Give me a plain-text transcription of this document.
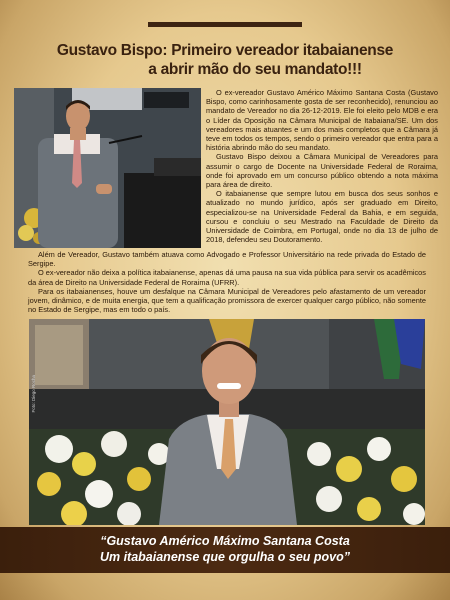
Gustavo Bispo: Primeiro vereador itabaianense
a abrir mão do seu mandato!!!

O ex-vereador Gustavo Américo Máximo Santana Costa (Gustavo Bispo, como carinhosamente gosta de ser reconhecido), renunciou ao mandato de Vereador no dia 26-12-2019. Ele foi eleito pelo MDB e era o Líder da Oposição na Câmara Municipal de Itabaiana/SE. Um dos vereadores mais atuantes e um dos mais completos que a Câmara já teve em todos os tempos, sendo o primeiro vereador que entra para a história abrindo mão do seu mandato.

Gustavo Bispo deixou a Câmara Municipal de Vereadores para assumir o cargo de Docente na Universidade Federal de Roraima, onde foi aprovado em um concurso público obtendo a nota máxima para área de direito.

O itabaianense que sempre lutou em busca dos seus sonhos e atualizado no mundo jurídico, após ser graduado em Direito, especializou-se na Universidade Federal da Bahia, e em seguida, cursou e concluiu o seu Mestrado na Faculdade de Direito da Universidade de Coimbra, em Portugal, onde no dia 13 de julho de 2018, defendeu seu Doutoramento.

Além de Vereador, Gustavo também atuava como Advogado e Professor Universitário na rede privada do Estado de Sergipe.

O ex-vereador não deixa a política itabaianense, apenas dá uma pausa na sua vida pública para servir os acadêmicos da área de Direito na Universidade Federal de Roraima (UFRR).

Para os itabaianenses, houve um desfalque na Câmara Municipal de Vereadores pelo afastamento de um vereador jovem, dinâmico, e de muita energia, que tem a qualificação promissora de exercer qualquer cargo público, não somente no Estado de Sergipe, mas em todo o país.

Foto: Diego Rocha

“Gustavo Américo Máximo Santana Costa
Um itabaianense que orgulha o seu povo”
